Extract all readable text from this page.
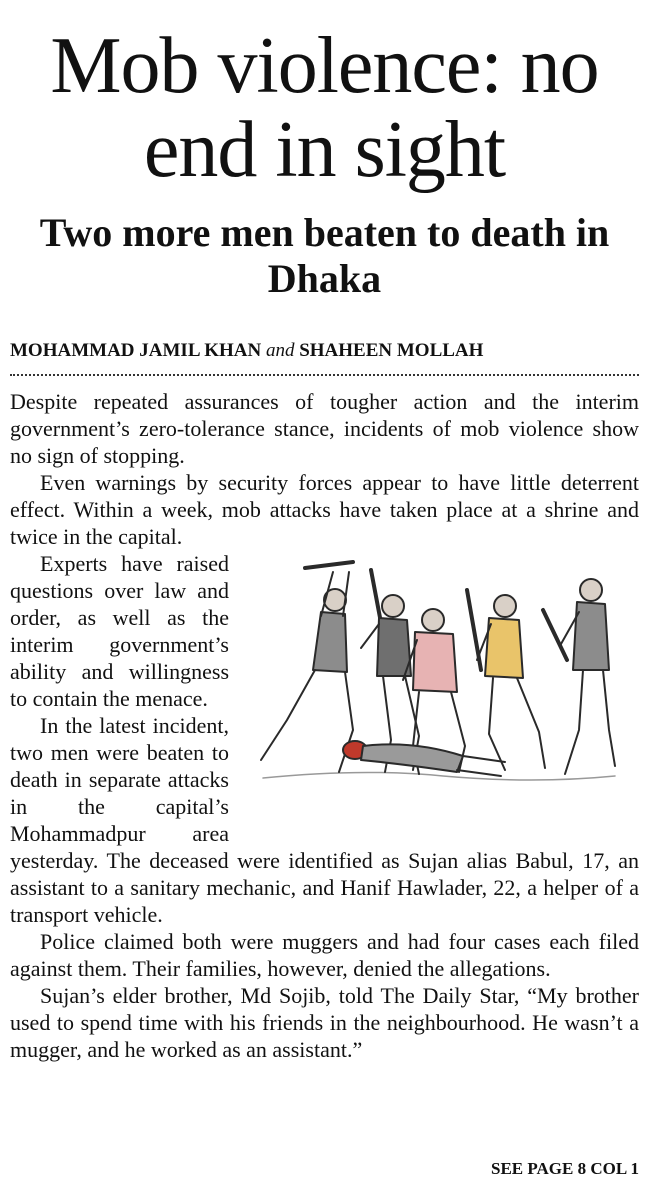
Mob violence: no end in sight
Two more men beaten to death in Dhaka
MOHAMMAD JAMIL KHAN and SHAHEEN MOLLAH

Despite repeated assurances of tougher action and the interim government’s zero-tolerance stance, incidents of mob violence show no sign of stopping.

Even warnings by security forces appear to have little deterrent effect. Within a week, mob attacks have taken place at a shrine and twice in the capital.

Experts have raised questions over law and order, as well as the interim government’s ability and willingness to contain the menace.

In the latest incident, two men were beaten to death in separate attacks in the capital’s Mohammadpur area yesterday. The deceased were identified as Sujan alias Babul, 17, an assistant to a sanitary mechanic, and Hanif Hawlader, 22, a helper of a transport vehicle.

Police claimed both were muggers and had four cases each filed against them. Their families, however, denied the allegations.

Sujan’s elder brother, Md Sojib, told The Daily Star, “My brother used to spend time with his friends in the neighbourhood. He wasn’t a mugger, and he worked as an assistant.”

SEE PAGE 8 COL 1
